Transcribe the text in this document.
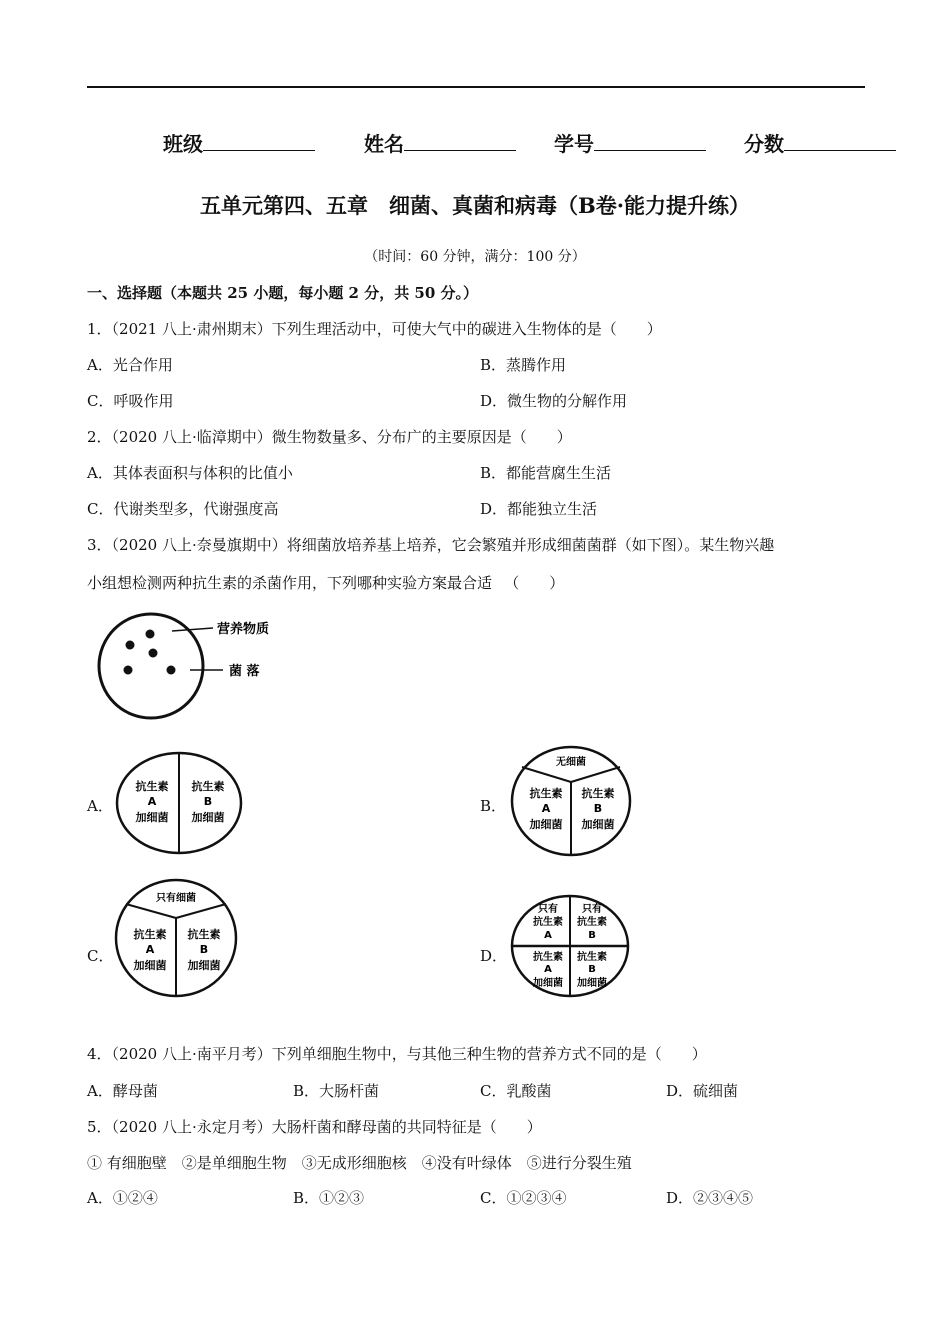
班级	姓名	学号	分数
五单元第四、五章　细菌、真菌和病毒（B卷·能力提升练）
（时间：60 分钟，满分：100 分）
一、选择题（本题共 25 小题，每小题 2 分，共 50 分。）
1．（2021 八上·肃州期末）下列生理活动中，可使大气中的碳进入生物体的是（　　）
A．光合作用	B．蒸腾作用
C．呼吸作用	D．微生物的分解作用
2．（2020 八上·临漳期中）微生物数量多、分布广的主要原因是（　　）
A．其体表面积与体积的比值小	B．都能营腐生生活
C．代谢类型多，代谢强度高	D．都能独立生活
3．（2020 八上·奈曼旗期中）将细菌放培养基上培养，它会繁殖并形成细菌菌群（如下图）。某生物兴趣
小组想检测两种抗生素的杀菌作用，下列哪种实验方案最合适 　（　　）
营养物质
菌 落
A．
抗生素
A
加细菌
抗生素
B
加细菌
B．
无细菌
抗生素
A
加细菌
抗生素
B
加细菌
C．
只有细菌
抗生素
A
加细菌
抗生素
B
加细菌
D．
只有
抗生素
A
只有
抗生素
B
抗生素
A
加细菌
抗生素
B
加细菌
4．（2020 八上·南平月考）下列单细胞生物中，与其他三种生物的营养方式不同的是（　　）
A．酵母菌	B．大肠杆菌	C．乳酸菌	D．硫细菌
5．（2020 八上·永定月考）大肠杆菌和酵母菌的共同特征是（　　）
① 有细胞壁　②是单细胞生物　③无成形细胞核　④没有叶绿体　⑤进行分裂生殖
A．①②④	B．①②③	C．①②③④	D．②③④⑤
